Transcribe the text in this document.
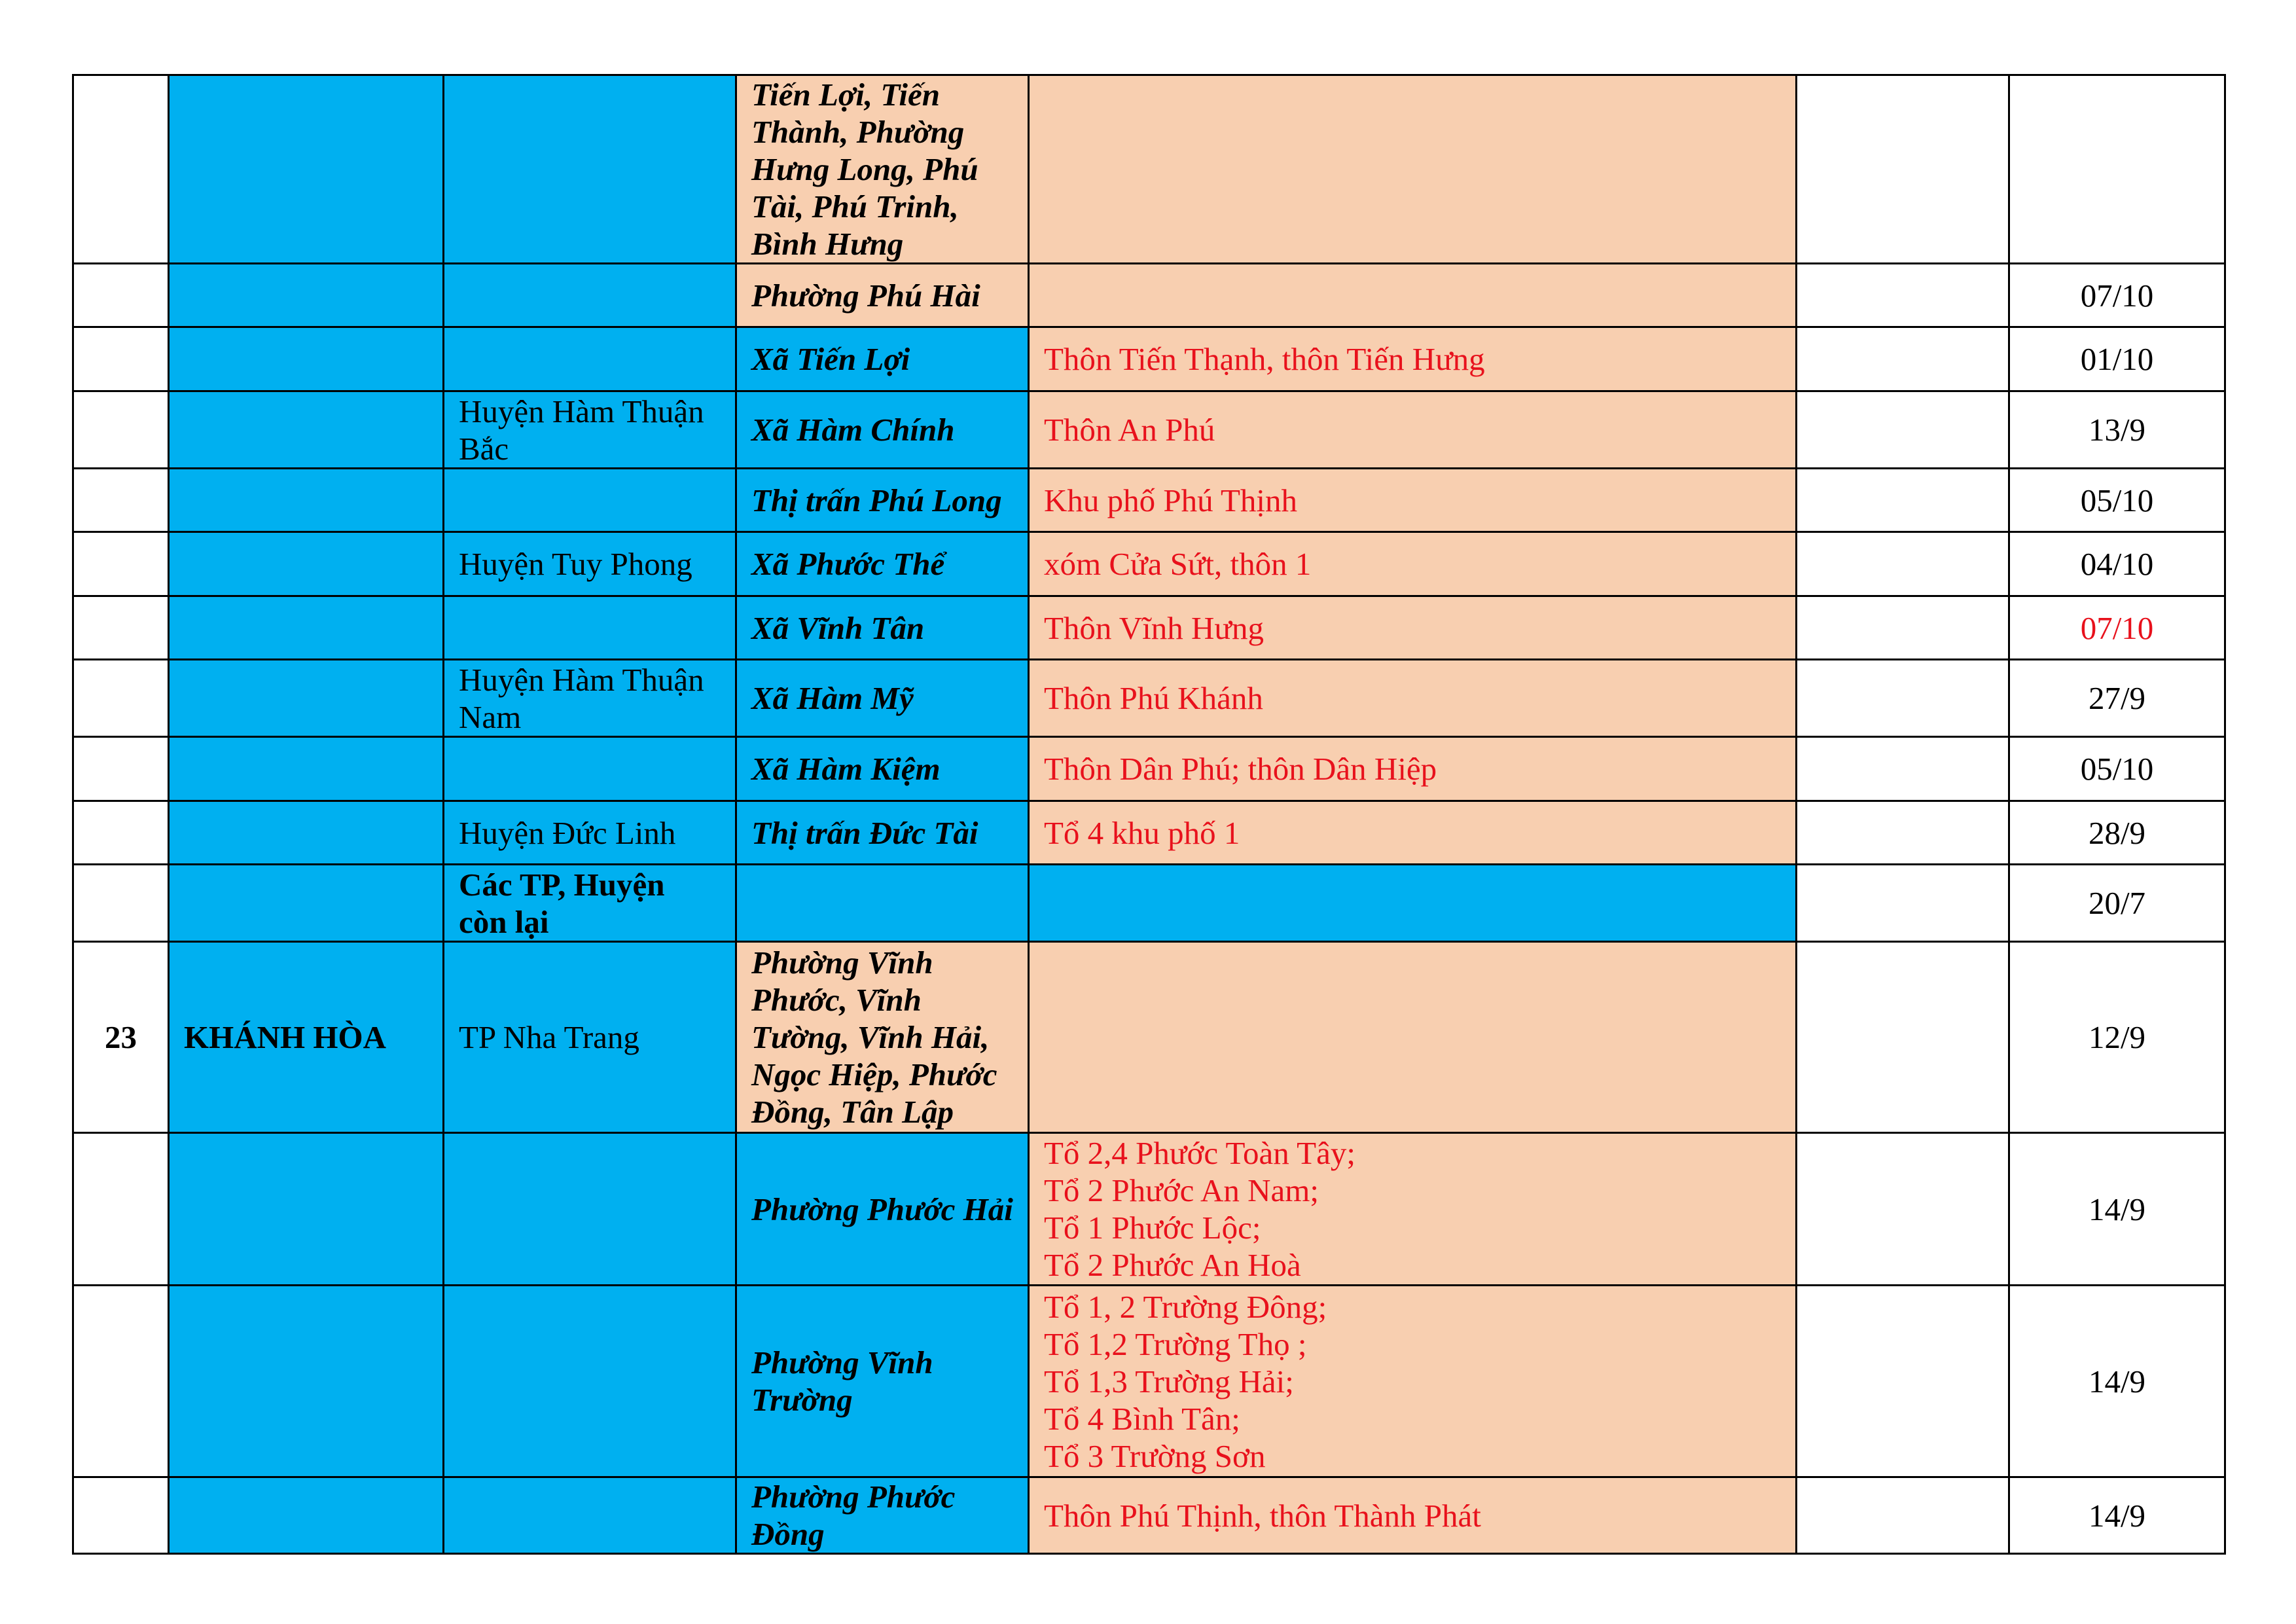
			Tiến Lợi, Tiến Thành, Phường Hưng Long, Phú Tài, Phú Trinh, Bình Hưng			
			Phường Phú Hài			07/10
			Xã Tiến Lợi	Thôn Tiến Thạnh, thôn Tiến Hưng		01/10
		Huyện Hàm Thuận Bắc	Xã Hàm Chính	Thôn An Phú		13/9
			Thị trấn Phú Long	Khu phố Phú Thịnh		05/10
		Huyện Tuy Phong	Xã Phước Thể	xóm Cửa Sứt, thôn 1		04/10
			Xã Vĩnh Tân	Thôn Vĩnh Hưng		07/10
		Huyện Hàm Thuận Nam	Xã Hàm Mỹ	Thôn Phú Khánh		27/9
			Xã Hàm Kiệm	Thôn Dân Phú; thôn Dân Hiệp		05/10
		Huyện Đức Linh	Thị trấn Đức Tài	Tổ 4 khu phố 1		28/9
		Các TP, Huyện còn lại				20/7
23	KHÁNH HÒA	TP Nha Trang	Phường Vĩnh Phước, Vĩnh Tường, Vĩnh Hải, Ngọc Hiệp, Phước Đồng, Tân Lập			12/9
			Phường Phước Hải	Tổ 2,4 Phước Toàn Tây;
Tổ 2 Phước An Nam;
Tổ 1 Phước Lộc;
Tổ 2 Phước An Hoà		14/9
			Phường Vĩnh Trường	Tổ 1, 2 Trường Đông;
Tổ 1,2 Trường Thọ ;
Tổ 1,3 Trường Hải;
Tổ 4 Bình Tân;
Tổ 3 Trường Sơn		14/9
			Phường Phước Đồng	Thôn Phú Thịnh, thôn Thành Phát		14/9
